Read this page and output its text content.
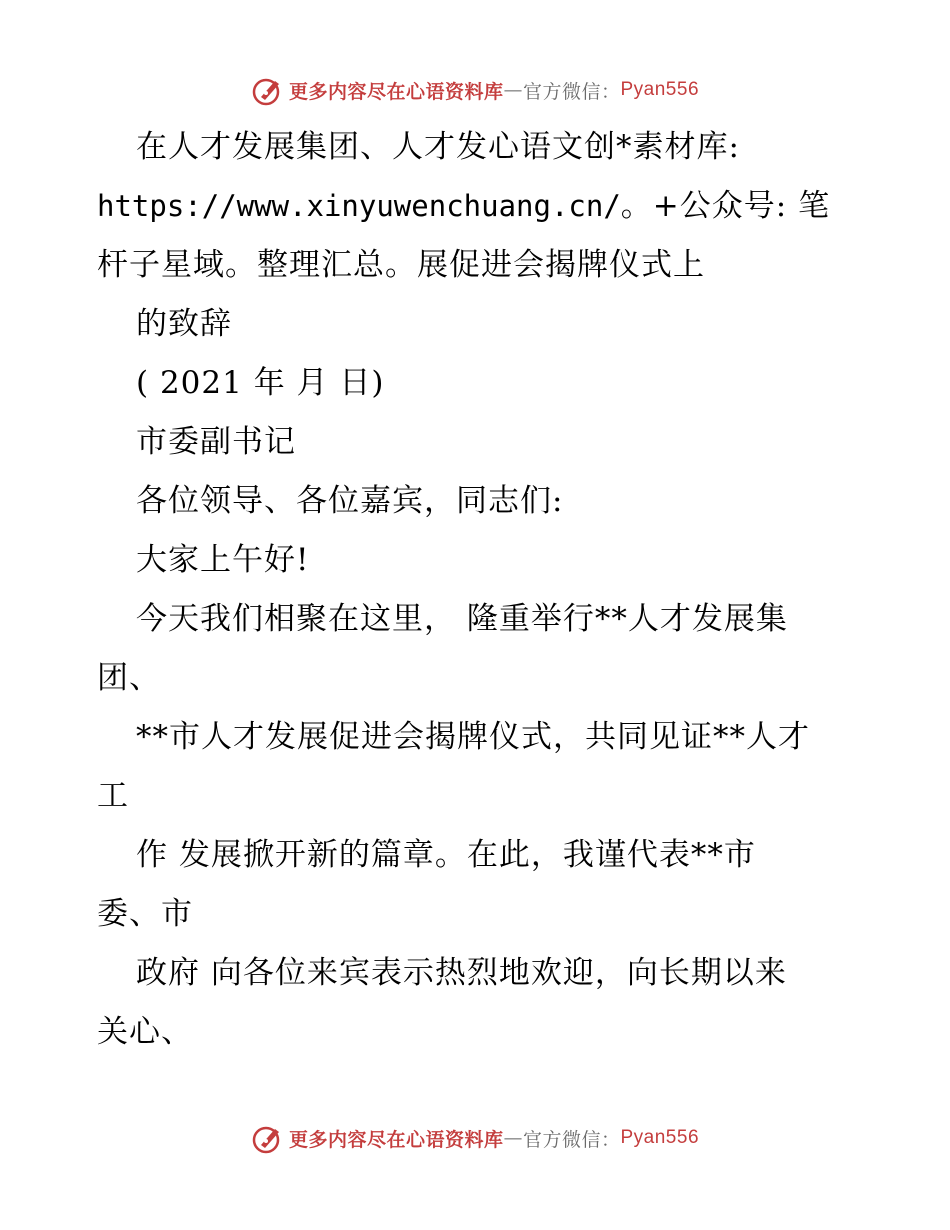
更多内容尽在心语资料库 — 官方微信： Pyan556
在人才发展集团、人才发心语文创*素材库:
https://www.xinyuwenchuang.cn/。+公众号: 笔
杆子星域。整理汇总。展促进会揭牌仪式上
的致辞
( 2021 年 月 日)
市委副书记
各位领导、各位嘉宾，同志们:
大家上午好!
今天我们相聚在这里， 隆重举行**人才发展集
团、
**市人才发展促进会揭牌仪式，共同见证**人才
工
作 发展掀开新的篇章。在此，我谨代表**市
委、市
政府 向各位来宾表示热烈地欢迎，向长期以来
关心、
更多内容尽在心语资料库 — 官方微信： Pyan556
